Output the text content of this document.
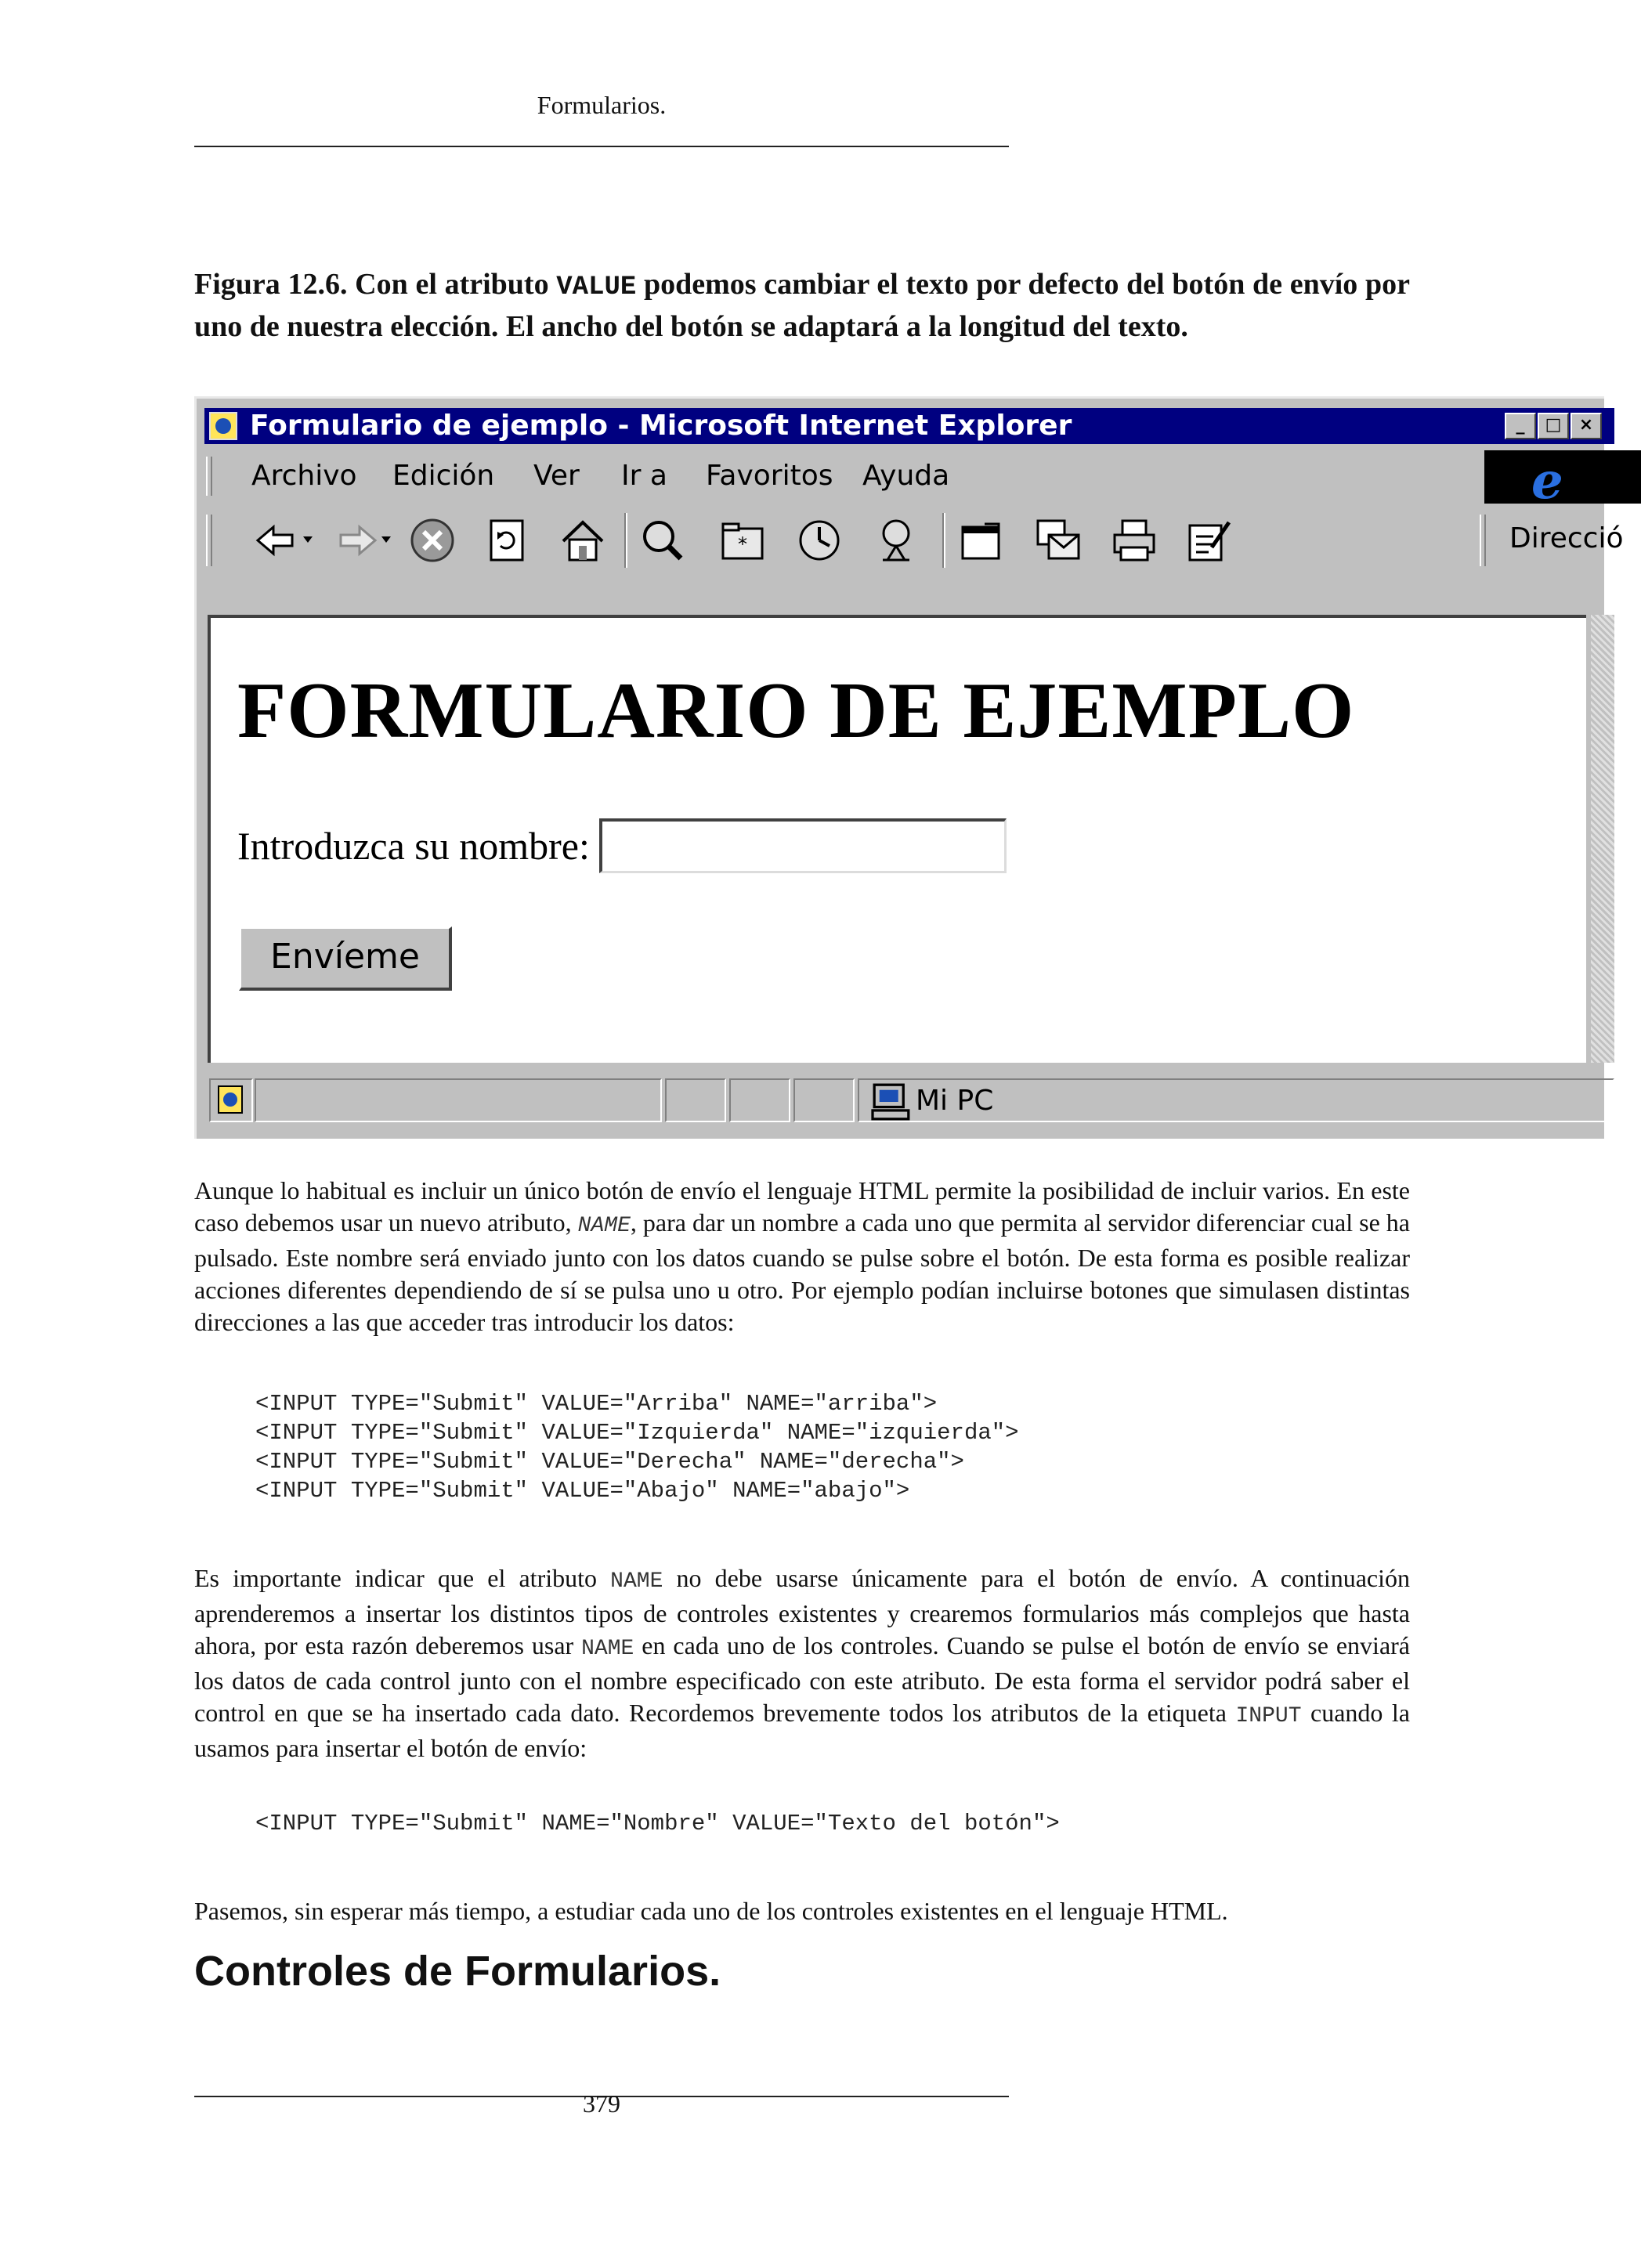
Formularios.
Figura 12.6. Con el atributo VALUE podemos cambiar el texto por defecto del botón de envío por uno de nuestra elección. El ancho del botón se adaptará a la longitud del texto.
Formulario de ejemplo - Microsoft Internet Explorer	_	□	×
Archivo Edición Ver Ir a Favoritos Ayuda	e
*	Direcció
FORMULARIO DE EJEMPLO
Introduzca su nombre:
Envíeme
Mi PC
Aunque lo habitual es incluir un único botón de envío el lenguaje HTML permite la posibilidad de incluir varios. En este caso debemos usar un nuevo atributo, NAME, para dar un nombre a cada uno que permita al servidor diferenciar cual se ha pulsado. Este nombre será enviado junto con los datos cuando se pulse sobre el botón. De esta forma es posible realizar acciones diferentes dependiendo de sí se pulsa uno u otro. Por ejemplo podían incluirse botones que simulasen distintas direcciones a las que acceder tras introducir los datos:
<INPUT TYPE="Submit" VALUE="Arriba" NAME="arriba">
<INPUT TYPE="Submit" VALUE="Izquierda" NAME="izquierda">
<INPUT TYPE="Submit" VALUE="Derecha" NAME="derecha">
<INPUT TYPE="Submit" VALUE="Abajo" NAME="abajo">
Es importante indicar que el atributo NAME no debe usarse únicamente para el botón de envío. A continuación aprenderemos a insertar los distintos tipos de controles existentes y crearemos formularios más complejos que hasta ahora, por esta razón deberemos usar NAME en cada uno de los controles. Cuando se pulse el botón de envío se enviará los datos de cada control junto con el nombre especificado con este atributo. De esta forma el servidor podrá saber el control en que se ha insertado cada dato. Recordemos brevemente todos los atributos de la etiqueta INPUT cuando la usamos para insertar el botón de envío:
<INPUT TYPE="Submit" NAME="Nombre" VALUE="Texto del botón">
Pasemos, sin esperar más tiempo, a estudiar cada uno de los controles existentes en el lenguaje HTML.
Controles de Formularios.
379
